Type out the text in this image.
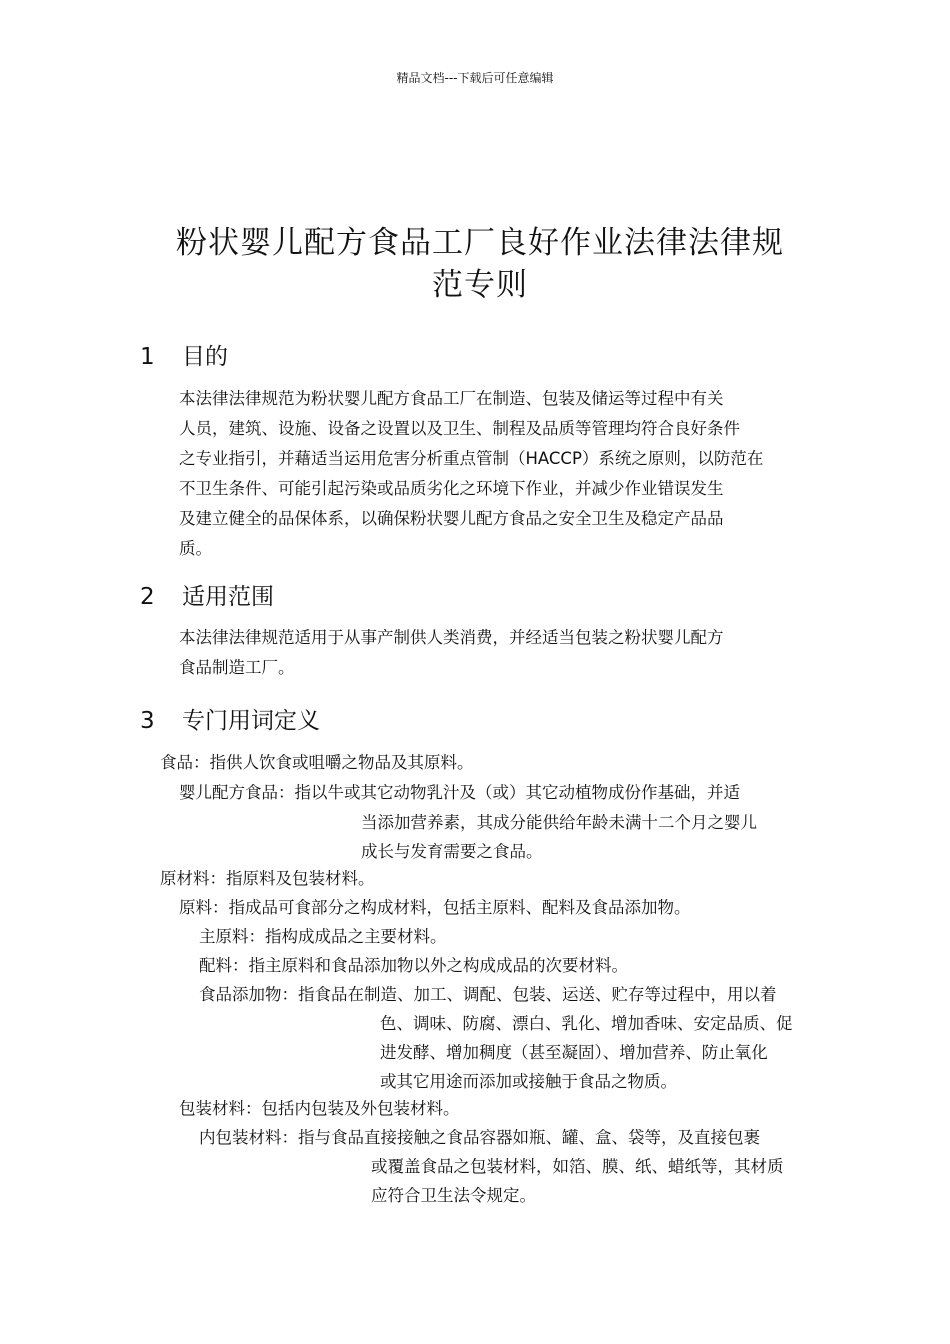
精品文档---下载后可任意编辑
粉状婴儿配方食品工厂良好作业法律法律规
范专则
1 目的
本法律法律规范为粉状婴儿配方食品工厂在制造、包装及储运等过程中有关
人员，建筑、设施、设备之设置以及卫生、制程及品质等管理均符合良好条件
之专业指引，并藉适当运用危害分析重点管制（HACCP）系统之原则，以防范在
不卫生条件、可能引起污染或品质劣化之环境下作业，并减少作业错误发生
及建立健全的品保体系，以确保粉状婴儿配方食品之安全卫生及稳定产品品
质。
2 适用范围
本法律法律规范适用于从事产制供人类消费，并经适当包装之粉状婴儿配方
食品制造工厂。
3 专门用词定义
食品：指供人饮食或咀嚼之物品及其原料。
婴儿配方食品：指以牛或其它动物乳汁及（或）其它动植物成份作基础，并适
当添加营养素，其成分能供给年龄未满十二个月之婴儿
成长与发育需要之食品。
原材料：指原料及包装材料。
原料：指成品可食部分之构成材料，包括主原料、配料及食品添加物。
主原料：指构成成品之主要材料。
配料：指主原料和食品添加物以外之构成成品的次要材料。
食品添加物：指食品在制造、加工、调配、包装、运送、贮存等过程中，用以着
色、调味、防腐、漂白、乳化、增加香味、安定品质、促
进发酵、增加稠度（甚至凝固）、增加营养、防止氧化
或其它用途而添加或接触于食品之物质。
包装材料：包括内包装及外包装材料。
内包装材料：指与食品直接接触之食品容器如瓶、罐、盒、袋等，及直接包裹
或覆盖食品之包装材料，如箔、膜、纸、蜡纸等，其材质
应符合卫生法令规定。
